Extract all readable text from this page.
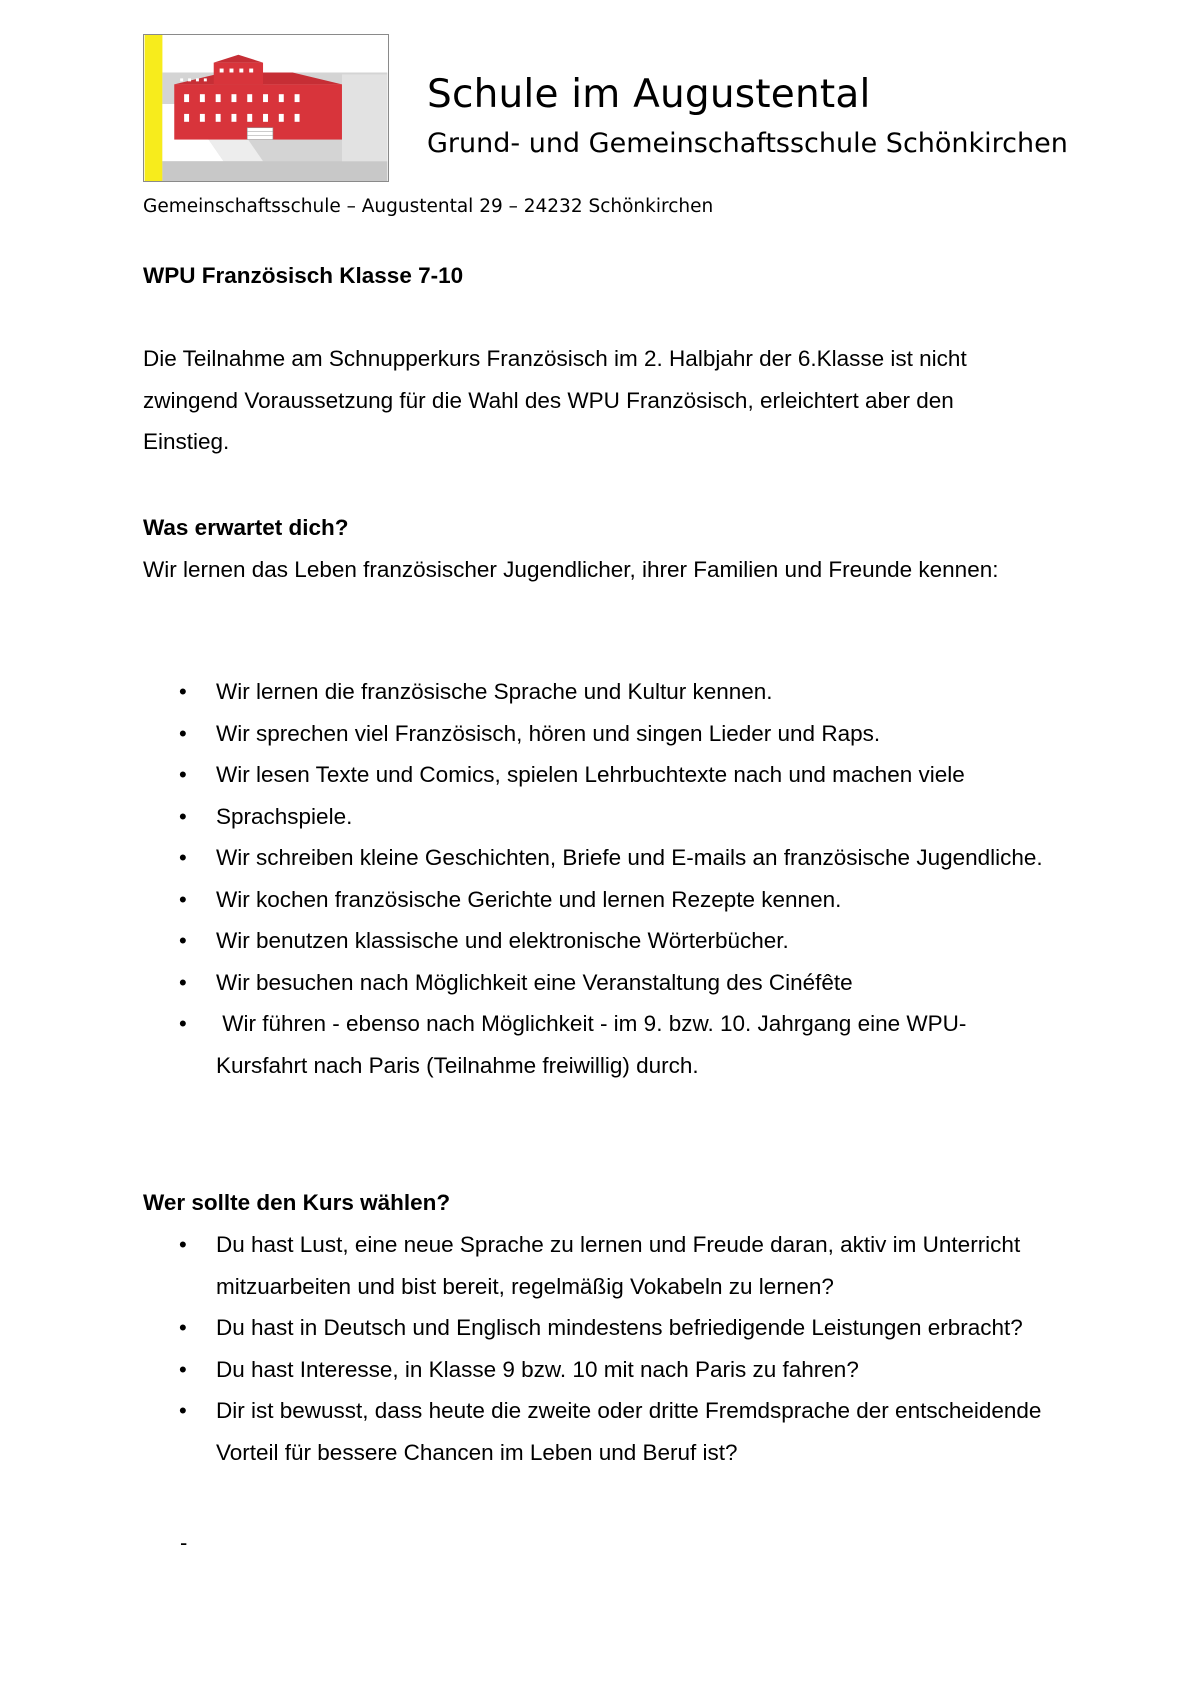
Schule im Augustental
Grund- und Gemeinschaftsschule Schönkirchen
Gemeinschaftsschule – Augustental 29 – 24232 Schönkirchen
WPU Französisch Klasse 7-10
Die Teilnahme am Schnupperkurs Französisch im 2. Halbjahr der 6.Klasse ist nicht zwingend Voraussetzung für die Wahl des WPU Französisch, erleichtert aber den Einstieg.
Was erwartet dich?
Wir lernen das Leben französischer Jugendlicher, ihrer Familien und Freunde kennen:
• Wir lernen die französische Sprache und Kultur kennen.
• Wir sprechen viel Französisch, hören und singen Lieder und Raps.
• Wir lesen Texte und Comics, spielen Lehrbuchtexte nach und machen viele
• Sprachspiele.
• Wir schreiben kleine Geschichten, Briefe und E-mails an französische Jugendliche.
• Wir kochen französische Gerichte und lernen Rezepte kennen.
• Wir benutzen klassische und elektronische Wörterbücher.
• Wir besuchen nach Möglichkeit eine Veranstaltung des Cinéfête
• Wir führen - ebenso nach Möglichkeit - im 9. bzw. 10. Jahrgang eine WPU-Kursfahrt nach Paris (Teilnahme freiwillig) durch.
Wer sollte den Kurs wählen?
• Du hast Lust, eine neue Sprache zu lernen und Freude daran, aktiv im Unterricht mitzuarbeiten und bist bereit, regelmäßig Vokabeln zu lernen?
• Du hast in Deutsch und Englisch mindestens befriedigende Leistungen erbracht?
• Du hast Interesse, in Klasse 9 bzw. 10 mit nach Paris zu fahren?
• Dir ist bewusst, dass heute die zweite oder dritte Fremdsprache der entscheidende Vorteil für bessere Chancen im Leben und Beruf ist?
-
